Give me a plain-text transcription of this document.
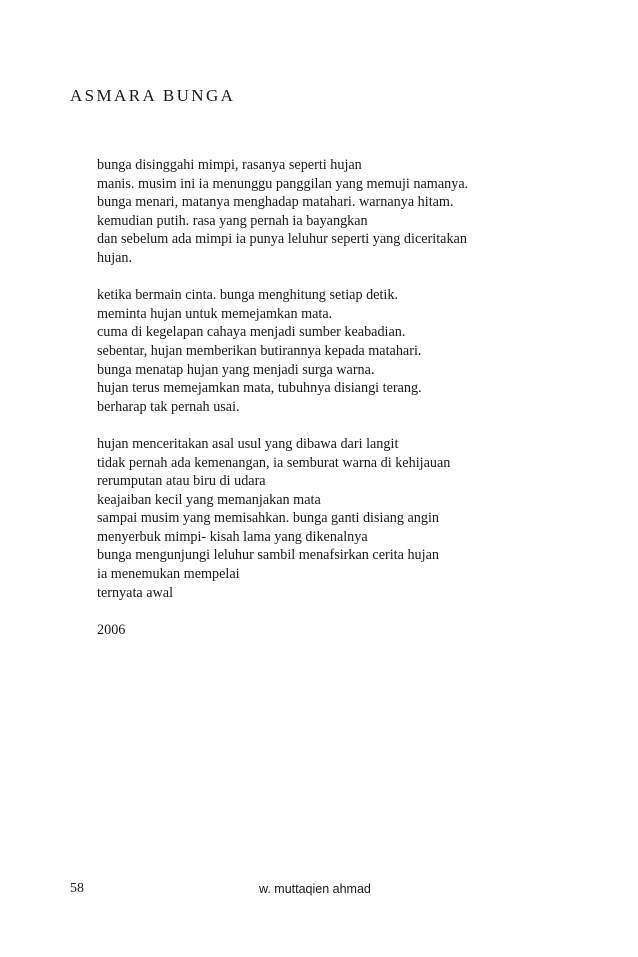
ASMARA BUNGA
bunga disinggahi mimpi, rasanya seperti hujan
manis. musim ini ia menunggu panggilan yang memuji namanya.
bunga menari, matanya menghadap matahari. warnanya hitam.
kemudian putih. rasa yang pernah ia bayangkan
dan sebelum ada mimpi ia punya leluhur seperti yang diceritakan
hujan.
ketika bermain cinta. bunga menghitung setiap detik.
meminta hujan untuk memejamkan mata.
cuma di kegelapan cahaya menjadi sumber keabadian.
sebentar, hujan memberikan butirannya kepada matahari.
bunga menatap hujan yang menjadi surga warna.
hujan terus memejamkan mata, tubuhnya disiangi terang.
berharap tak pernah usai.
hujan menceritakan asal usul yang dibawa dari langit
tidak pernah ada kemenangan, ia semburat warna di kehijauan
rerumputan atau biru di udara
keajaiban kecil yang memanjakan mata
sampai musim yang memisahkan. bunga ganti disiang angin
menyerbuk mimpi- kisah lama yang dikenalnya
bunga mengunjungi leluhur sambil menafsirkan cerita hujan
ia menemukan mempelai
ternyata awal
2006
58	w. muttaqien ahmad
